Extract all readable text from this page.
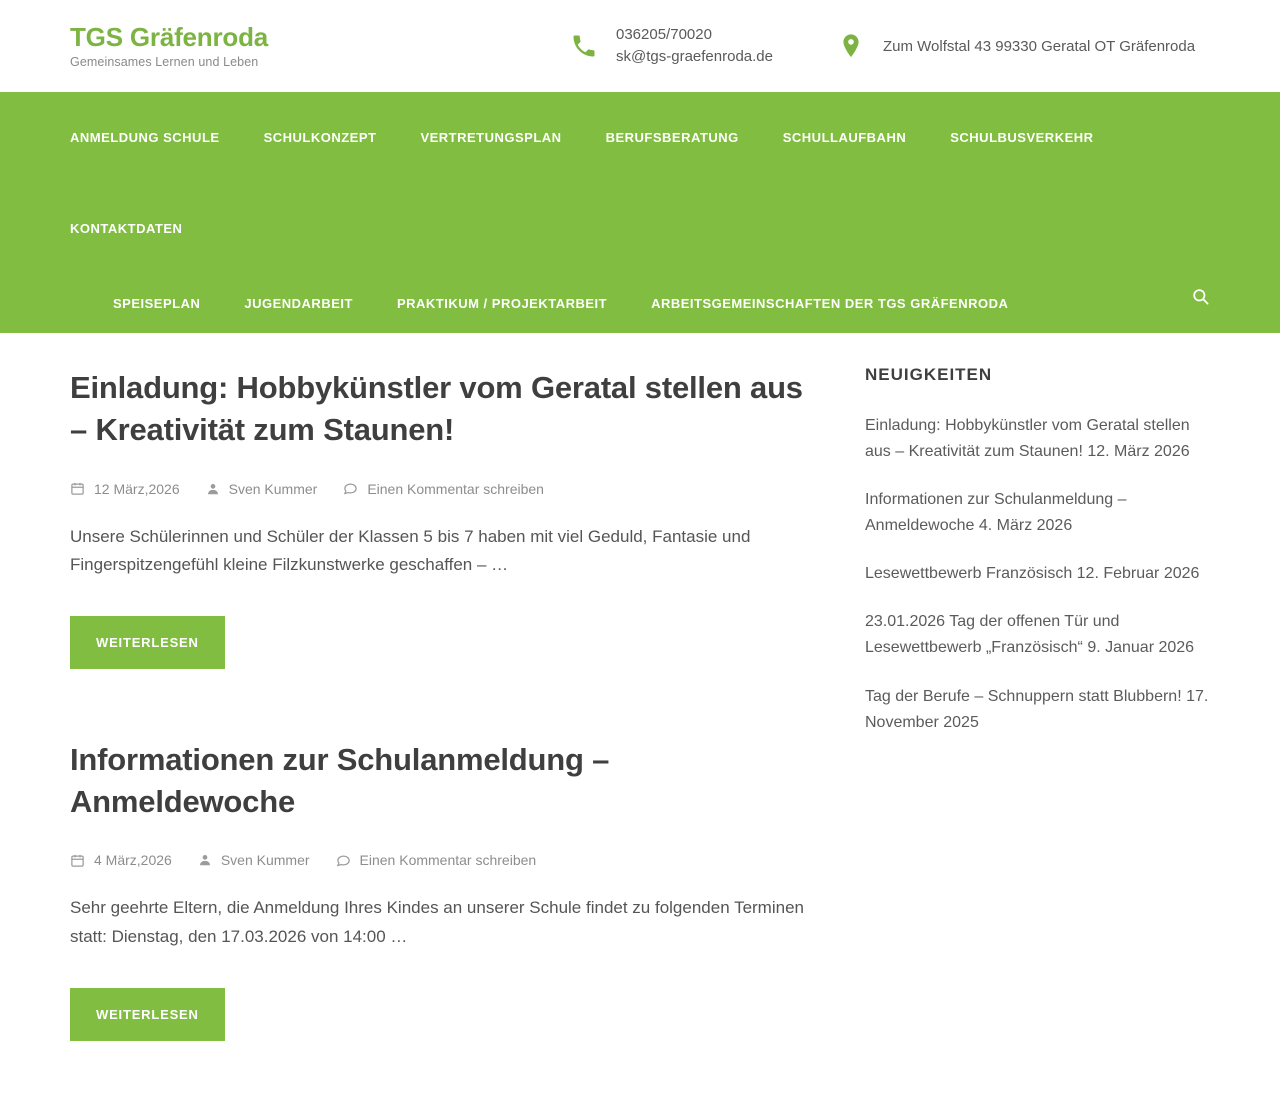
TGS Gräfenroda
Gemeinsames Lernen und Leben
036205/70020
sk@tgs-graefenroda.de
Zum Wolfstal 43 99330 Geratal OT Gräfenroda
ANMELDUNG SCHULE	SCHULKONZEPT	VERTRETUNGSPLAN	BERUFSBERATUNG	SCHULLAUFBAHN	SCHULBUSVERKEHR
KONTAKTDATEN
SPEISEPLAN	JUGENDARBEIT	PRAKTIKUM / PROJEKTARBEIT	ARBEITSGEMEINSCHAFTEN DER TGS GRÄFENRODA
Einladung: Hobbykünstler vom Geratal stellen aus – Kreativität zum Staunen!
12 März,2026	Sven Kummer	Einen Kommentar schreiben

Unsere Schülerinnen und Schüler der Klassen 5 bis 7 haben mit viel Geduld, Fantasie und Fingerspitzengefühl kleine Filzkunstwerke geschaffen – …

WEITERLESEN
Informationen zur Schulanmeldung – Anmeldewoche
4 März,2026	Sven Kummer	Einen Kommentar schreiben

Sehr geehrte Eltern, die Anmeldung Ihres Kindes an unserer Schule findet zu folgenden Terminen statt: Dienstag, den 17.03.2026 von 14:00 …

WEITERLESEN
NEUIGKEITEN
Einladung: Hobbykünstler vom Geratal stellen aus – Kreativität zum Staunen! 12. März 2026
Informationen zur Schulanmeldung – Anmeldewoche 4. März 2026
Lesewettbewerb Französisch 12. Februar 2026
23.01.2026 Tag der offenen Tür und Lesewettbewerb „Französisch“ 9. Januar 2026
Tag der Berufe – Schnuppern statt Blubbern! 17. November 2025
